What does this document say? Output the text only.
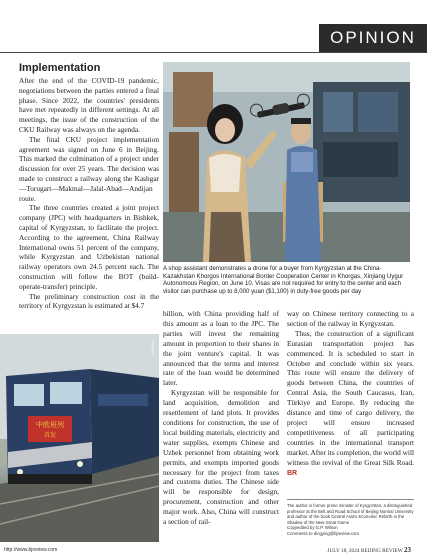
OPINION
Implementation

After the end of the COVID-19 pandemic, negotiations between the parties entered a final phase. Since 2022, the countries' presidents have met repeatedly in different settings. At all meetings, the issue of the construction of the CKU Railway was always on the agenda.

The final CKU project implementation agreement was signed on June 6 in Beijing. This marked the culmination of a project under discussion for over 25 years. The decision was made to construct a railway along the Kashgar—Torugart—Makmal—Jalal-Abad—Andijan route.

The three countries created a joint project company (JPC) with headquarters in Bishkek, capital of Kyrgyzstan, to facilitate the project. According to the agreement, China Railway International owns 51 percent of the company, while Kyrgyzstan and Uzbekistan national railway operators own 24.5 percent each. The construction will follow the BOT (build-operate-transfer) principle.

The preliminary construction cost in the territory of Kyrgyzstan is estimated at $4.7

A shop assistant demonstrates a drone for a buyer from Kyrgyzstan at the China-Kazakhstan Khorgos International Border Cooperation Center in Khorgas, Xinjiang Uygur Autonomous Region, on June 10. Visas are not required for entry to the center and each visitor can purchase up to 8,000 yuan ($1,100) in duty-free goods per day
中欧班列
首发
XINHUA

billion, with China providing half of this amount as a loan to the JPC. The parties will invest the remaining amount in proportion to their shares in the joint venture's capital. It was announced that the terms and interest rate of the loan would be determined later.

Kyrgyzstan will be responsible for land acquisition, demolition and resettlement of land plots. It provides conditions for construction, the use of local building materials, electricity and water supplies, exempts Chinese and Uzbek personnel from obtaining work permits, and exempts imported goods necessary for the project from taxes and customs duties. The Chinese side will be responsible for design, procurement, construction and other major work. Also, China will construct a section of rail-

way on Chinese territory connecting to a section of the railway in Kyrgyzstan.

Thus, the construction of a significant Eurasian transportation project has commenced. It is scheduled to start in October and conclude within six years. This route will ensure the delivery of goods between China, the countries of Central Asia, the South Caucasus, Iran, Türkiye and Europe. By reducing the distance and time of cargo delivery, the project will ensure increased competitiveness of all participating countries in the international transport market. After its completion, the world will witness the revival of the Great Silk Road. BR

The author is former prime minister of Kyrgyzstan, a distinguished professor at the Belt and Road School of Beijing Normal University and author of the book Central Asia's Economic Rebirth in the Shadow of the New Great Game
Copyedited by G.P. Wilson
Comments to dingying@bjreview.com
http://www.bjreview.com	JULY 18, 2024 BEIJING REVIEW 23
